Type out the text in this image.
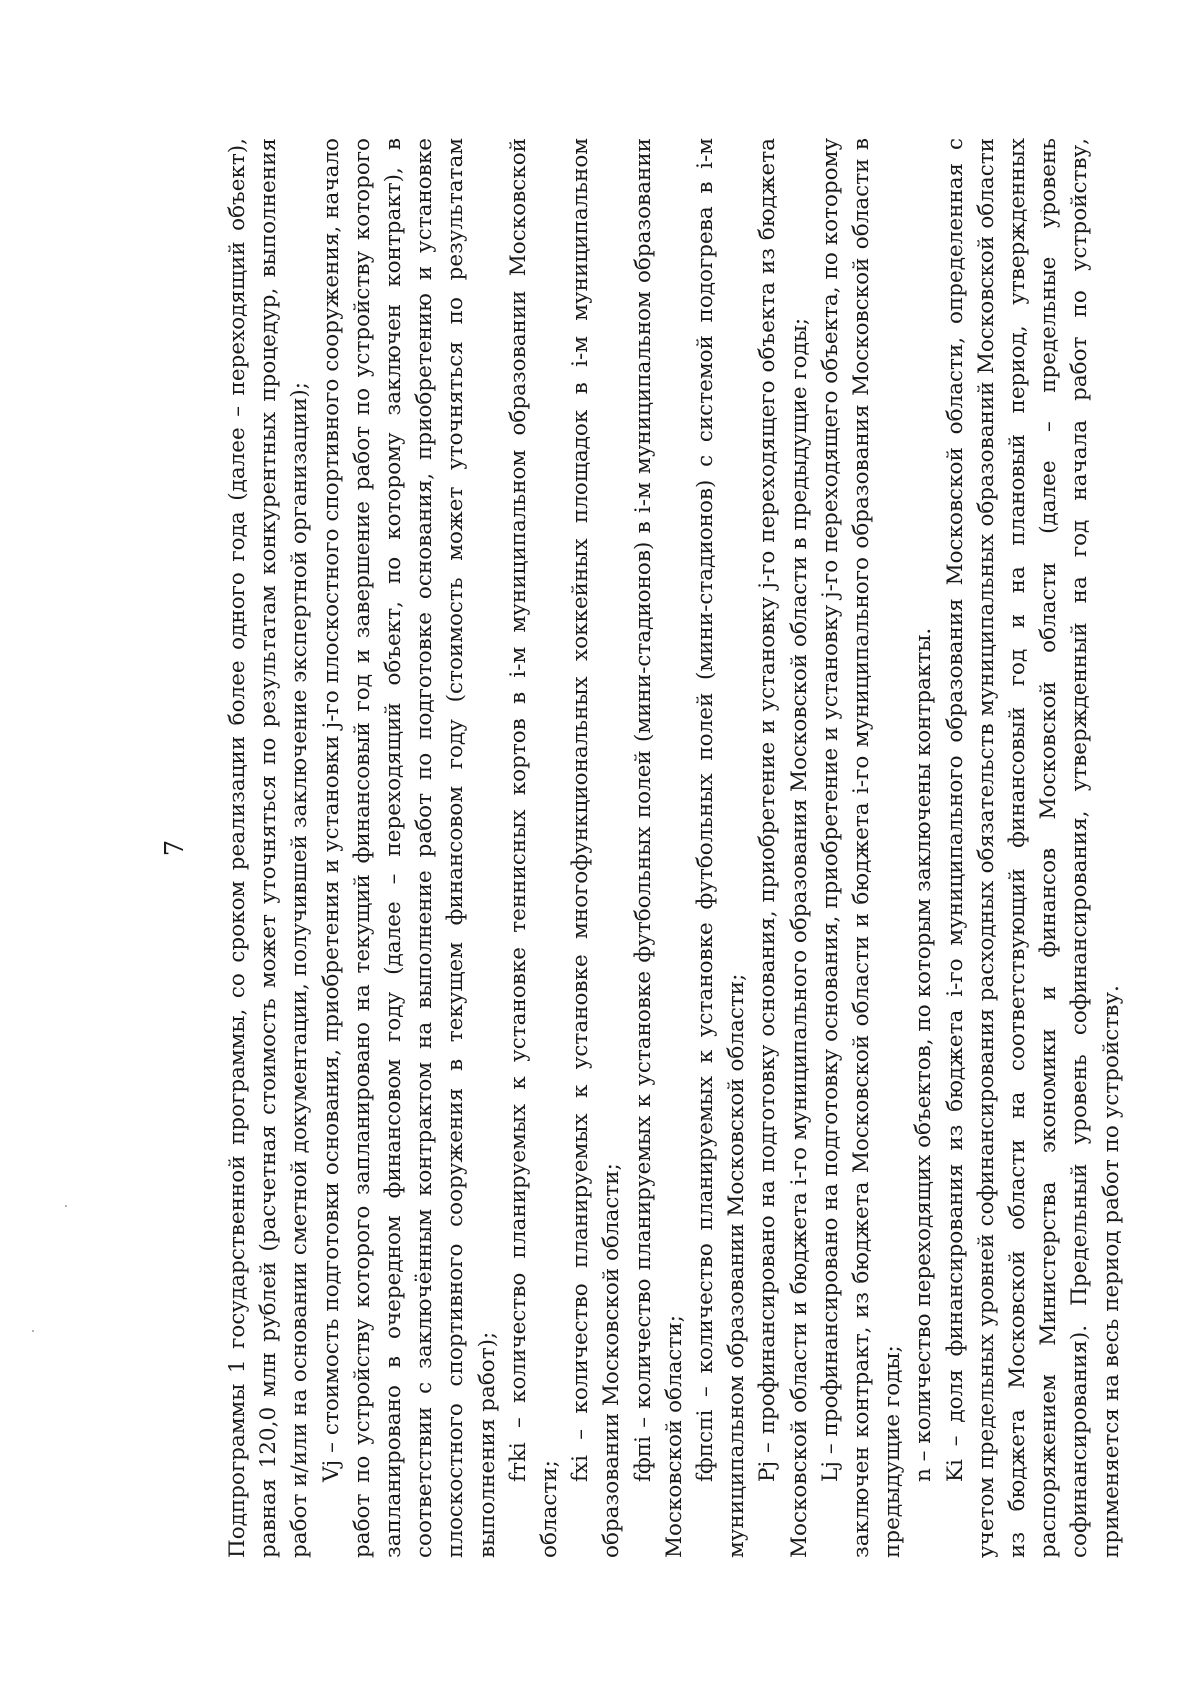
7 Подпрограммы 1 государственной программы, со сроком реализации более одного года (далее – переходящий объект), равная 120,0 млн рублей (расчетная стоимость может уточняться по результатам конкурентных процедур, выполнения работ и/или на основании сметной документации, получившей заключение экспертной организации); Vj – стоимость подготовки основания, приобретения и установки j-го плоскостного спортивного сооружения, начало работ по устройству которого запланировано на текущий финансовый год и завершение работ по устройству которого запланировано в очередном финансовом году (далее – переходящий объект, по которому заключен контракт), в соответствии с заключённым контрактом на выполнение работ по подготовке основания, приобретению и установке плоскостного спортивного сооружения в текущем финансовом году (стоимость может уточняться по результатам выполнения работ); fтki – количество планируемых к установке теннисных кортов в i-м муниципальном образовании Московской области;

fxi – количество планируемых к установке многофункциональных хоккейных площадок в i-м муниципальном образовании Московской области; fфпi – количество планируемых к установке футбольных полей (мини-стадионов) в i-м муниципальном образовании Московской области; fфпспi – количество планируемых к установке футбольных полей (мини-стадионов) с системой подогрева в i-м муниципальном образовании Московской области; Pj – профинансировано на подготовку основания, приобретение и установку j-го переходящего объекта из бюджета Московской области и бюджета i-го муниципального образования Московской области в предыдущие годы; Lj – профинансировано на подготовку основания, приобретение и установку j-го переходящего объекта, по которому заключен контракт, из бюджета Московской области и бюджета i-го муниципального образования Московской области в предыдущие годы; n – количество переходящих объектов, по которым заключены контракты. Ki – доля финансирования из бюджета i-го муниципального образования Московской области, определенная с учетом предельных уровней софинансирования расходных обязательств муниципальных образований Московской области из бюджета Московской области на соответствующий финансовый год и на плановый период, утвержденных распоряжением Министерства экономики и финансов Московской области (далее – предельные уровень софинансирования). Предельный уровень софинансирования, утвержденный на год начала работ по устройству, применяется на весь период работ по устройству.
